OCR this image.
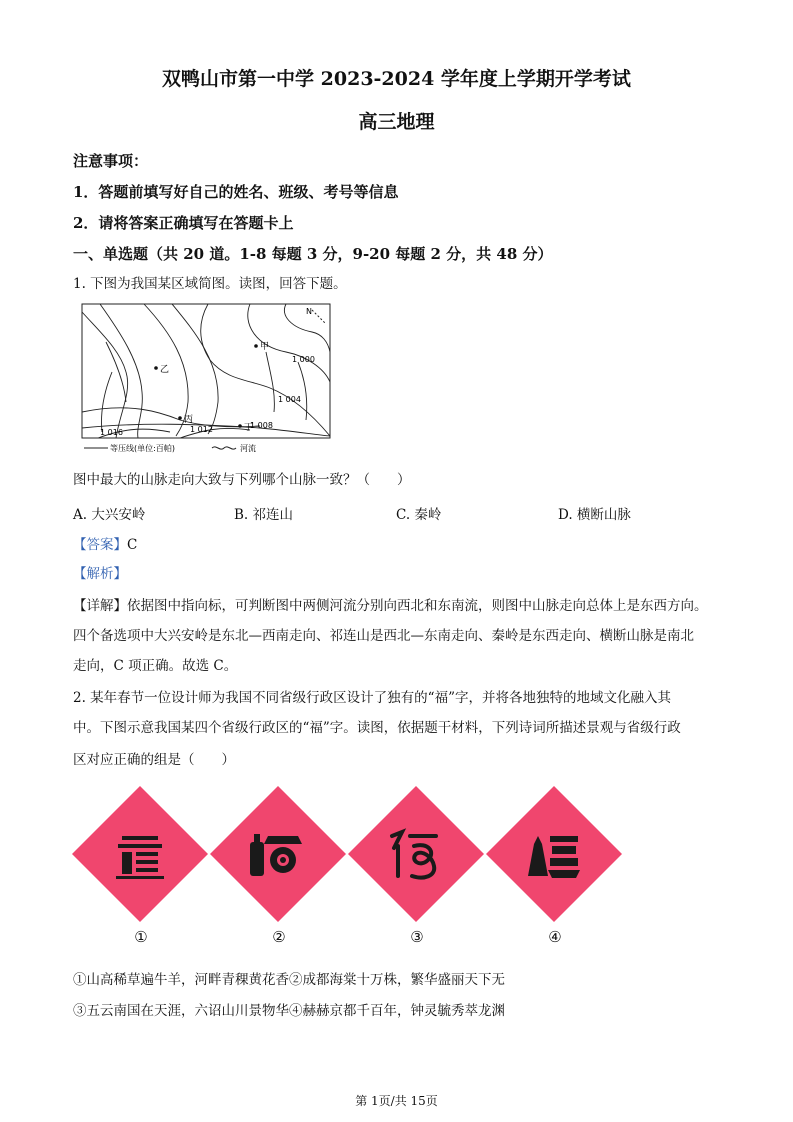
双鸭山市第一中学 2023-2024 学年度上学期开学考试
高三地理
注意事项：
1．答题前填写好自己的姓名、班级、考号等信息
2．请将答案正确填写在答题卡上
一、单选题（共 20 道。1-8 每题 3 分，9-20 每题 2 分，共 48 分）
1. 下图为我国某区域简图。读图，回答下题。
N
甲
乙
丙
丁
1 000
1 004
1 008
1 012
1 016
等压线(单位:百帕)	河流
图中最大的山脉走向大致与下列哪个山脉一致？（　　）
A. 大兴安岭	B. 祁连山	C. 秦岭	D. 横断山脉
【答案】C
【解析】
【详解】依据图中指向标，可判断图中两侧河流分别向西北和东南流，则图中山脉走向总体上是东西方向。
四个备选项中大兴安岭是东北—西南走向、祁连山是西北—东南走向、秦岭是东西走向、横断山脉是南北
走向，C 项正确。故选 C。
2. 某年春节一位设计师为我国不同省级行政区设计了独有的“福”字，并将各地独特的地域文化融入其
中。下图示意我国某四个省级行政区的“福”字。读图，依据题干材料，下列诗词所描述景观与省级行政
区对应正确的组是（　　）
①	②	③	④
①山高稀草遍牛羊，河畔青稞黄花香②成都海棠十万株，繁华盛丽天下无
③五云南国在天涯，六诏山川景物华④赫赫京都千百年，钟灵毓秀萃龙渊
第 1页/共 15页
